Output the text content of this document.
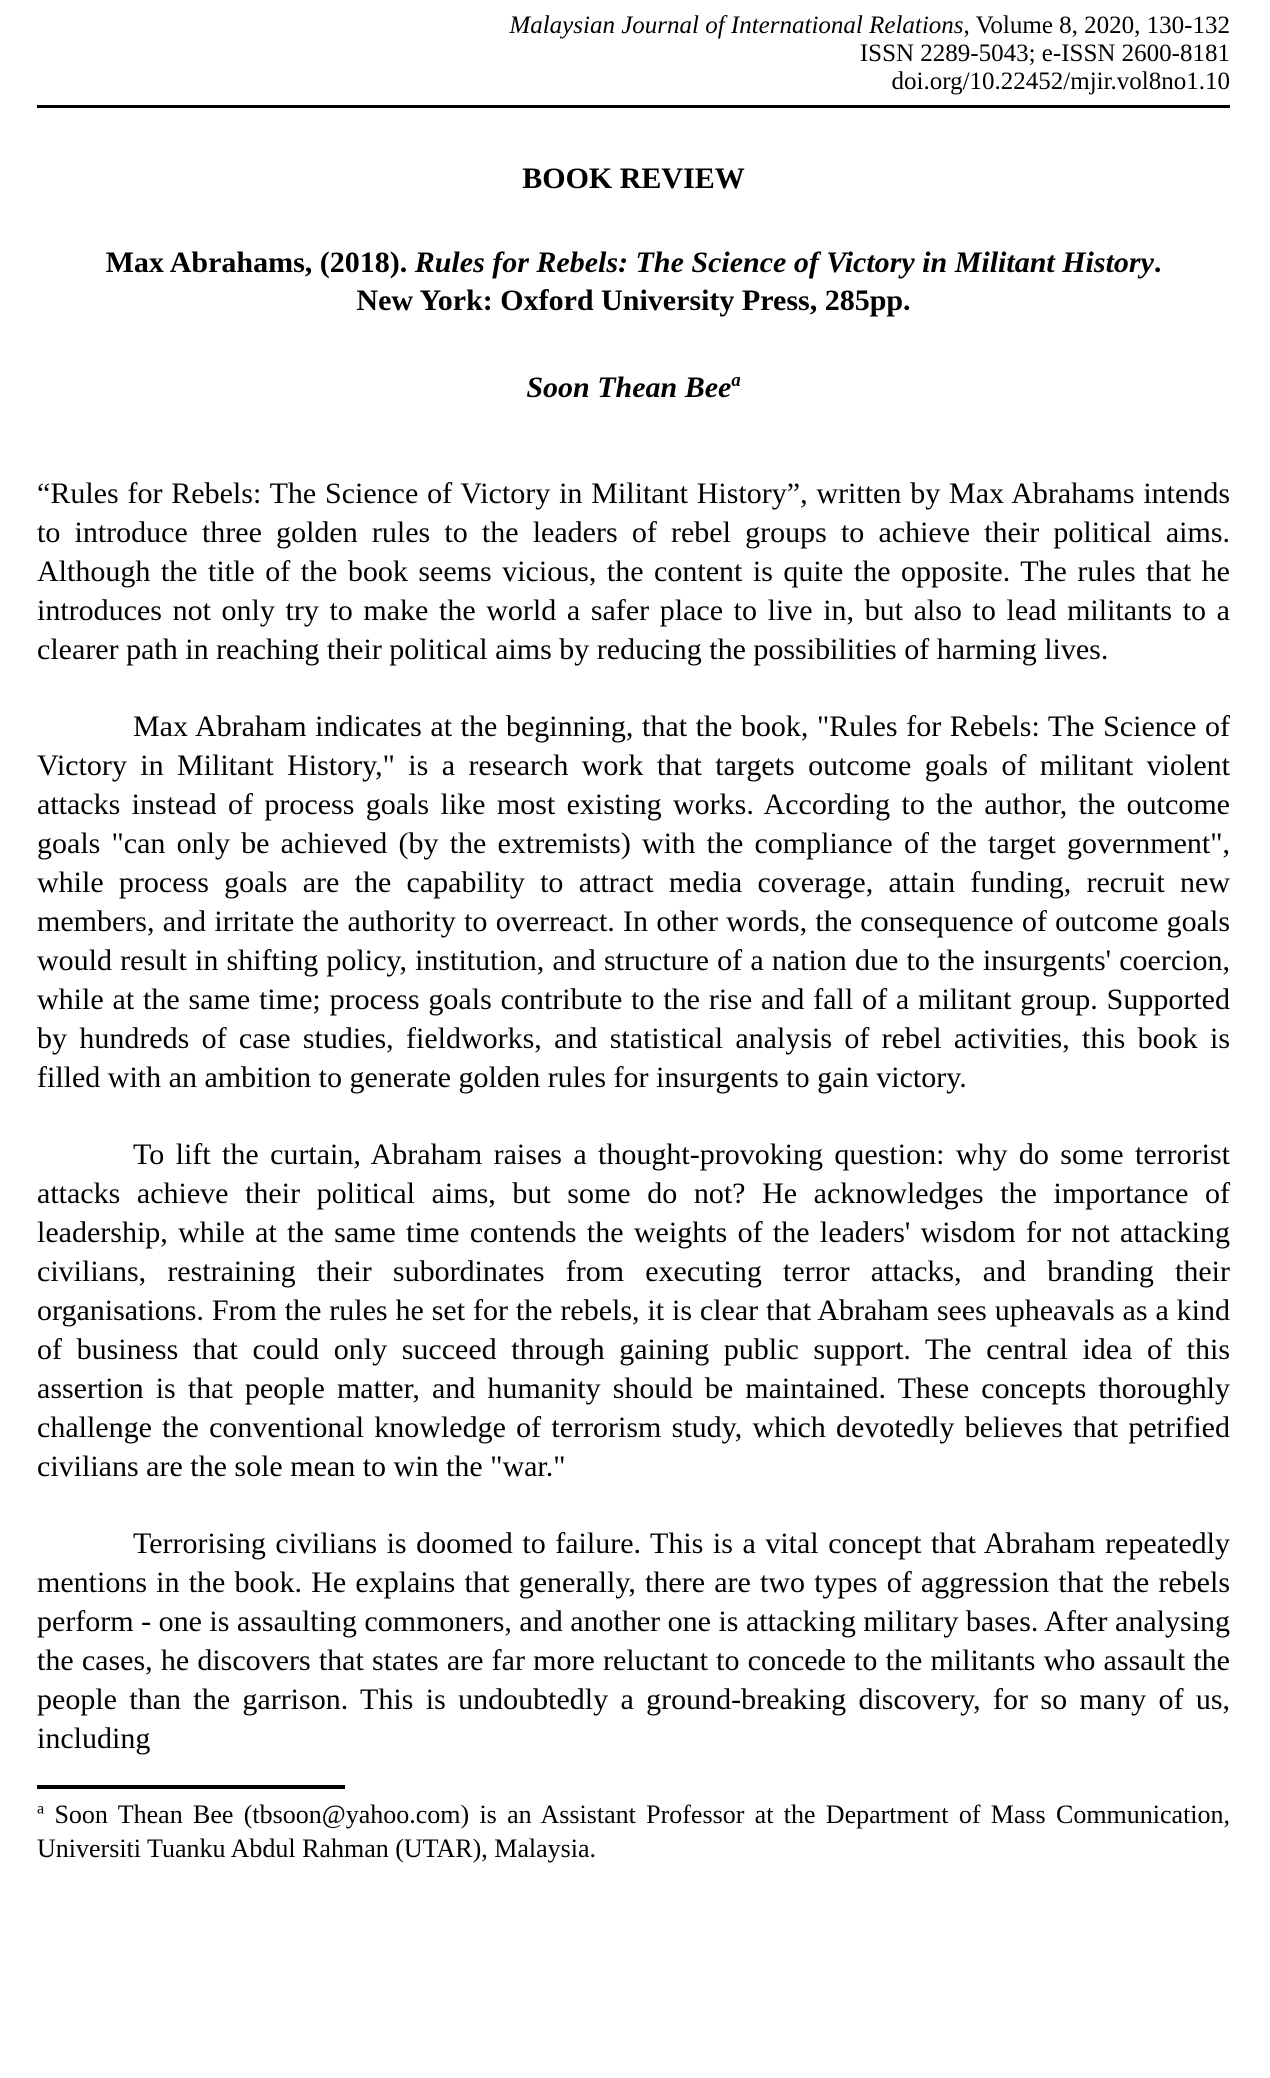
Malaysian Journal of International Relations, Volume 8, 2020, 130-132
ISSN 2289-5043; e-ISSN 2600-8181
doi.org/10.22452/mjir.vol8no1.10
BOOK REVIEW

Max Abrahams, (2018). Rules for Rebels: The Science of Victory in Militant History. New York: Oxford University Press, 285pp.

Soon Thean Bee$^a$

“Rules for Rebels: The Science of Victory in Militant History”, written by Max Abrahams intends to introduce three golden rules to the leaders of rebel groups to achieve their political aims. Although the title of the book seems vicious, the content is quite the opposite. The rules that he introduces not only try to make the world a safer place to live in, but also to lead militants to a clearer path in reaching their political aims by reducing the possibilities of harming lives.

Max Abraham indicates at the beginning, that the book, "Rules for Rebels: The Science of Victory in Militant History," is a research work that targets outcome goals of militant violent attacks instead of process goals like most existing works. According to the author, the outcome goals "can only be achieved (by the extremists) with the compliance of the target government", while process goals are the capability to attract media coverage, attain funding, recruit new members, and irritate the authority to overreact. In other words, the consequence of outcome goals would result in shifting policy, institution, and structure of a nation due to the insurgents' coercion, while at the same time; process goals contribute to the rise and fall of a militant group. Supported by hundreds of case studies, fieldworks, and statistical analysis of rebel activities, this book is filled with an ambition to generate golden rules for insurgents to gain victory.

To lift the curtain, Abraham raises a thought-provoking question: why do some terrorist attacks achieve their political aims, but some do not? He acknowledges the importance of leadership, while at the same time contends the weights of the leaders' wisdom for not attacking civilians, restraining their subordinates from executing terror attacks, and branding their organisations. From the rules he set for the rebels, it is clear that Abraham sees upheavals as a kind of business that could only succeed through gaining public support. The central idea of this assertion is that people matter, and humanity should be maintained. These concepts thoroughly challenge the conventional knowledge of terrorism study, which devotedly believes that petrified civilians are the sole mean to win the "war."

Terrorising civilians is doomed to failure. This is a vital concept that Abraham repeatedly mentions in the book. He explains that generally, there are two types of aggression that the rebels perform - one is assaulting commoners, and another one is attacking military bases. After analysing the cases, he discovers that states are far more reluctant to concede to the militants who assault the people than the garrison. This is undoubtedly a ground-breaking discovery, for so many of us, including

$^a$ Soon Thean Bee (tbsoon@yahoo.com) is an Assistant Professor at the Department of Mass Communication, Universiti Tuanku Abdul Rahman (UTAR), Malaysia.
